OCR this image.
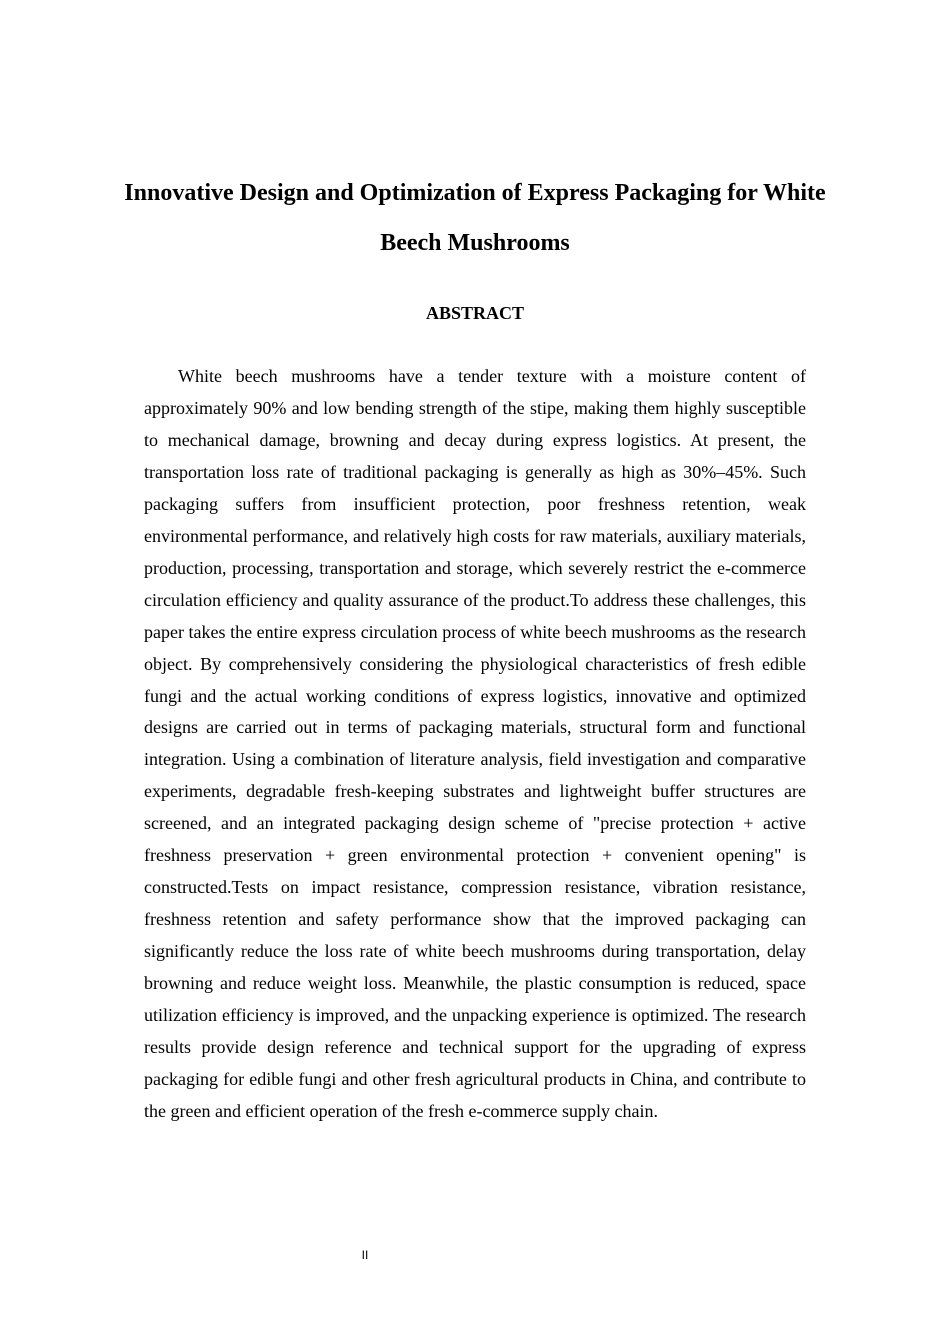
Innovative Design and Optimization of Express Packaging for White Beech Mushrooms
ABSTRACT

White beech mushrooms have a tender texture with a moisture content of approximately 90% and low bending strength of the stipe, making them highly susceptible to mechanical damage, browning and decay during express logistics. At present, the transportation loss rate of traditional packaging is generally as high as 30%–45%. Such packaging suffers from insufficient protection, poor freshness retention, weak environmental performance, and relatively high costs for raw materials, auxiliary materials, production, processing, transportation and storage, which severely restrict the e-commerce circulation efficiency and quality assurance of the product.To address these challenges, this paper takes the entire express circulation process of white beech mushrooms as the research object. By comprehensively considering the physiological characteristics of fresh edible fungi and the actual working conditions of express logistics, innovative and optimized designs are carried out in terms of packaging materials, structural form and functional integration. Using a combination of literature analysis, field investigation and comparative experiments, degradable fresh-keeping substrates and lightweight buffer structures are screened, and an integrated packaging design scheme of "precise protection + active freshness preservation + green environmental protection + convenient opening" is constructed.Tests on impact resistance, compression resistance, vibration resistance, freshness retention and safety performance show that the improved packaging can significantly reduce the loss rate of white beech mushrooms during transportation, delay browning and reduce weight loss. Meanwhile, the plastic consumption is reduced, space utilization efficiency is improved, and the unpacking experience is optimized. The research results provide design reference and technical support for the upgrading of express packaging for edible fungi and other fresh agricultural products in China, and contribute to the green and efficient operation of the fresh e-commerce supply chain.

II
